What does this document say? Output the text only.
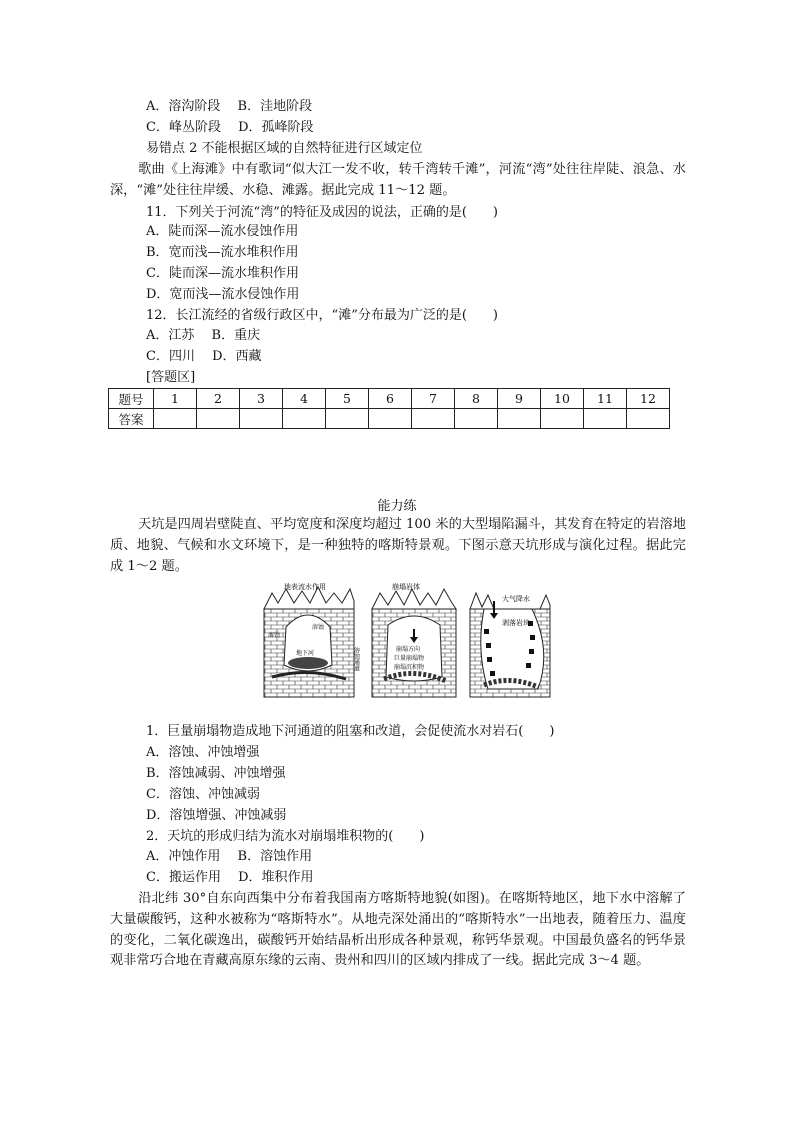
A．溶沟阶段　 B．洼地阶段
C．峰丛阶段　 D．孤峰阶段
易错点 2 不能根据区域的自然特征进行区域定位
歌曲《上海滩》中有歌词“似大江一发不收，转千湾转千滩”，河流“湾”处往往岸陡、浪急、水深，“滩”处往往岸缓、水稳、滩露。据此完成 11～12 题。
11．下列关于河流“湾”的特征及成因的说法，正确的是(　　)
A．陡而深—流水侵蚀作用
B．宽而浅—流水堆积作用
C．陡而深—流水堆积作用
D．宽而浅—流水侵蚀作用
12．长江流经的省级行政区中，“滩”分布最为广泛的是(　　)
A．江苏　 B．重庆
C．四川　 D．西藏
[答题区]
题号	1	2	3	4	5	6	7	8	9	10	11	12
答案												
能力练
天坑是四周岩壁陡直、平均宽度和深度均超过 100 米的大型塌陷漏斗，其发育在特定的岩溶地质、地貌、气候和水文环境下，是一种独特的喀斯特景观。下图示意天坑形成与演化过程。据此完成 1～2 题。
地表流水作用
溶蚀
溶蚀
地下河	溶蚀通道
崩塌岩体
崩塌方向
巨量崩塌物
崩塌沉积物
大气降水
剥落岩块
1．巨量崩塌物造成地下河通道的阻塞和改道，会促使流水对岩石(　　)
A．溶蚀、冲蚀增强
B．溶蚀减弱、冲蚀增强
C．溶蚀、冲蚀减弱
D．溶蚀增强、冲蚀减弱
2．天坑的形成归结为流水对崩塌堆积物的(　　)
A．冲蚀作用　 B．溶蚀作用
C．搬运作用　 D．堆积作用
沿北纬 30°自东向西集中分布着我国南方喀斯特地貌(如图)。在喀斯特地区，地下水中溶解了大量碳酸钙，这种水被称为“喀斯特水”。从地壳深处涌出的“喀斯特水”一出地表，随着压力、温度的变化，二氧化碳逸出，碳酸钙开始结晶析出形成各种景观，称钙华景观。中国最负盛名的钙华景观非常巧合地在青藏高原东缘的云南、贵州和四川的区域内排成了一线。据此完成 3～4 题。
